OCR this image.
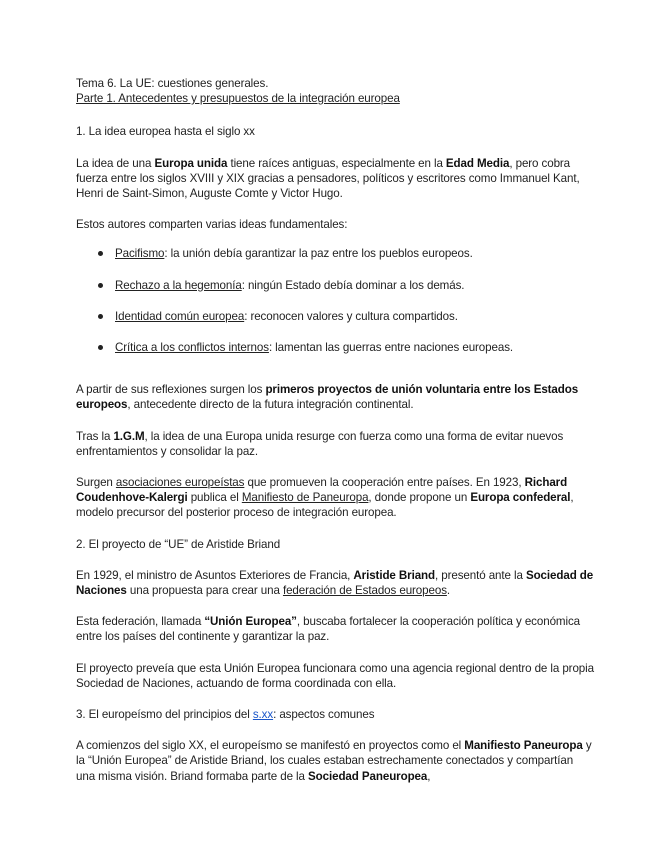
Tema 6. La UE: cuestiones generales.

Parte 1. Antecedentes y presupuestos de la integración europea

1. La idea europea hasta el siglo xx

La idea de una Europa unida tiene raíces antiguas, especialmente en la Edad Media, pero cobra fuerza entre los siglos XVIII y XIX gracias a pensadores, políticos y escritores como Immanuel Kant, Henri de Saint-Simon, Auguste Comte y Victor Hugo.

Estos autores comparten varias ideas fundamentales:

Pacifismo: la unión debía garantizar la paz entre los pueblos europeos.
Rechazo a la hegemonía: ningún Estado debía dominar a los demás.
Identidad común europea: reconocen valores y cultura compartidos.
Crítica a los conflictos internos: lamentan las guerras entre naciones europeas.

A partir de sus reflexiones surgen los primeros proyectos de unión voluntaria entre los Estados europeos, antecedente directo de la futura integración continental.

Tras la 1.G.M, la idea de una Europa unida resurge con fuerza como una forma de evitar nuevos enfrentamientos y consolidar la paz.

Surgen asociaciones europeístas que promueven la cooperación entre países. En 1923, Richard Coudenhove-Kalergi publica el Manifiesto de Paneuropa, donde propone un Europa confederal, modelo precursor del posterior proceso de integración europea.

2. El proyecto de “UE” de Aristide Briand

En 1929, el ministro de Asuntos Exteriores de Francia, Aristide Briand, presentó ante la Sociedad de Naciones una propuesta para crear una federación de Estados europeos.

Esta federación, llamada “Unión Europea”, buscaba fortalecer la cooperación política y económica entre los países del continente y garantizar la paz.

El proyecto preveía que esta Unión Europea funcionara como una agencia regional dentro de la propia Sociedad de Naciones, actuando de forma coordinada con ella.

3. El europeísmo del principios del s.xx: aspectos comunes

A comienzos del siglo XX, el europeísmo se manifestó en proyectos como el Manifiesto Paneuropa y la “Unión Europea” de Aristide Briand, los cuales estaban estrechamente conectados y compartían una misma visión. Briand formaba parte de la Sociedad Paneuropea,
